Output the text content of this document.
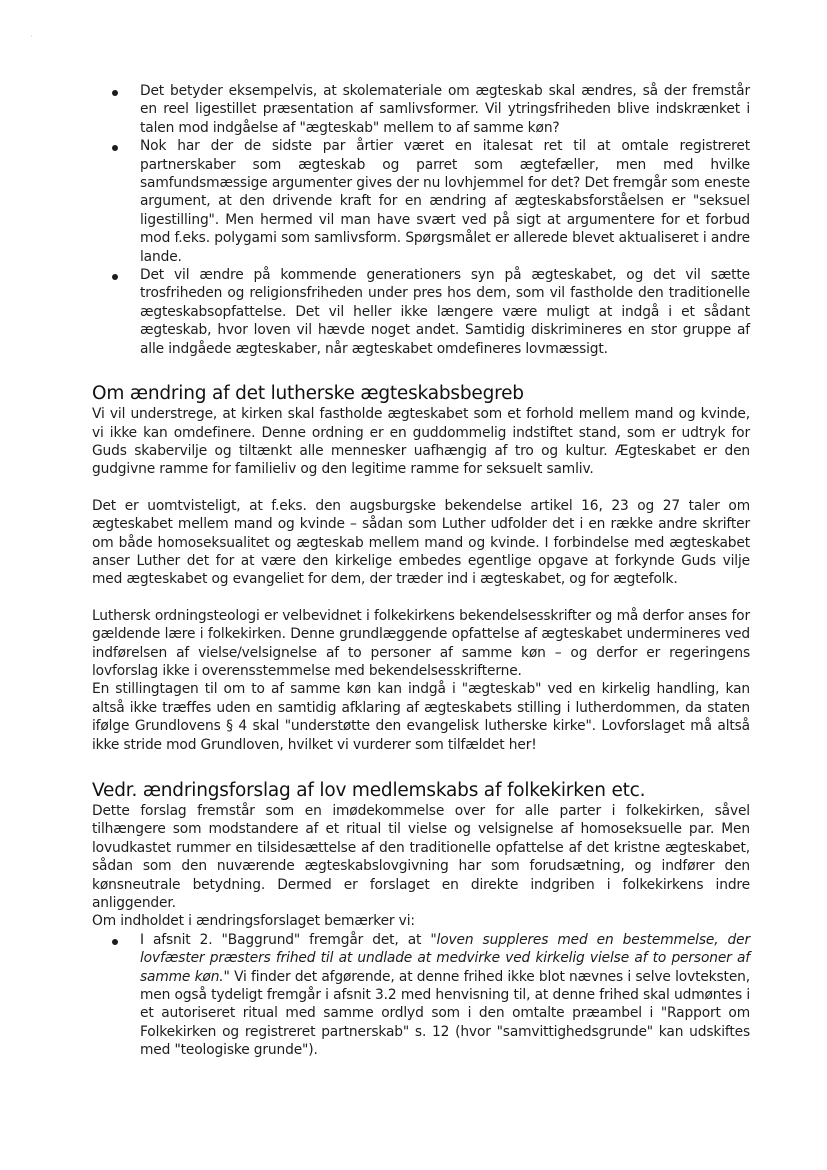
˛
Det betyder eksempelvis, at skolemateriale om ægteskab skal ændres, så der fremstår en reel ligestillet præsentation af samlivsformer. Vil ytringsfriheden blive indskrænket i talen mod indgåelse af "ægteskab" mellem to af samme køn?
Nok har der de sidste par årtier været en italesat ret til at omtale registreret partnerskaber som ægteskab og parret som ægtefæller, men med hvilke samfundsmæssige argumenter gives der nu lovhjemmel for det? Det fremgår som eneste argument, at den drivende kraft for en ændring af ægteskabsforståelsen er "seksuel ligestilling". Men hermed vil man have svært ved på sigt at argumentere for et forbud mod f.eks. polygami som samlivsform. Spørgsmålet er allerede blevet aktualiseret i andre lande.
Det vil ændre på kommende generationers syn på ægteskabet, og det vil sætte trosfriheden og religionsfriheden under pres hos dem, som vil fastholde den traditionelle ægteskabsopfattelse. Det vil heller ikke længere være muligt at indgå i et sådant ægteskab, hvor loven vil hævde noget andet. Samtidig diskrimineres en stor gruppe af alle indgåede ægteskaber, når ægteskabet omdefineres lovmæssigt.
Om ændring af det lutherske ægteskabsbegreb

Vi vil understrege, at kirken skal fastholde ægteskabet som et forhold mellem mand og kvinde, vi ikke kan omdefinere. Denne ordning er en guddommelig indstiftet stand, som er udtryk for Guds skabervilje og tiltænkt alle mennesker uafhængig af tro og kultur. Ægteskabet er den gudgivne ramme for familieliv og den legitime ramme for seksuelt samliv.

Det er uomtvisteligt, at f.eks. den augsburgske bekendelse artikel 16, 23 og 27 taler om ægteskabet mellem mand og kvinde – sådan som Luther udfolder det i en række andre skrifter om både homoseksualitet og ægteskab mellem mand og kvinde. I forbindelse med ægteskabet anser Luther det for at være den kirkelige embedes egentlige opgave at forkynde Guds vilje med ægteskabet og evangeliet for dem, der træder ind i ægteskabet, og for ægtefolk.

Luthersk ordningsteologi er velbevidnet i folkekirkens bekendelsesskrifter og må derfor anses for gældende lære i folkekirken. Denne grundlæggende opfattelse af ægteskabet undermineres ved indførelsen af vielse/velsignelse af to personer af samme køn – og derfor er regeringens lovforslag ikke i overensstemmelse med bekendelsesskrifterne.

En stillingtagen til om to af samme køn kan indgå i "ægteskab" ved en kirkelig handling, kan altså ikke træffes uden en samtidig afklaring af ægteskabets stilling i lutherdommen, da staten ifølge Grundlovens § 4 skal "understøtte den evangelisk lutherske kirke". Lovforslaget må altså ikke stride mod Grundloven, hvilket vi vurderer som tilfældet her!

Vedr. ændringsforslag af lov medlemskabs af folkekirken etc.

Dette forslag fremstår som en imødekommelse over for alle parter i folkekirken, såvel tilhængere som modstandere af et ritual til vielse og velsignelse af homoseksuelle par. Men lovudkastet rummer en tilsidesættelse af den traditionelle opfattelse af det kristne ægteskabet, sådan som den nuværende ægteskabslovgivning har som forudsætning, og indfører den kønsneutrale betydning. Dermed er forslaget en direkte indgriben i folkekirkens indre anliggender.

Om indholdet i ændringsforslaget bemærker vi:

I afsnit 2. "Baggrund" fremgår det, at "loven suppleres med en bestemmelse, der lovfæster præsters frihed til at undlade at medvirke ved kirkelig vielse af to personer af samme køn." Vi finder det afgørende, at denne frihed ikke blot nævnes i selve lovteksten, men også tydeligt fremgår i afsnit 3.2 med henvisning til, at denne frihed skal udmøntes i et autoriseret ritual med samme ordlyd som i den omtalte præambel i "Rapport om Folkekirken og registreret partnerskab" s. 12 (hvor "samvittighedsgrunde" kan udskiftes med "teologiske grunde").
